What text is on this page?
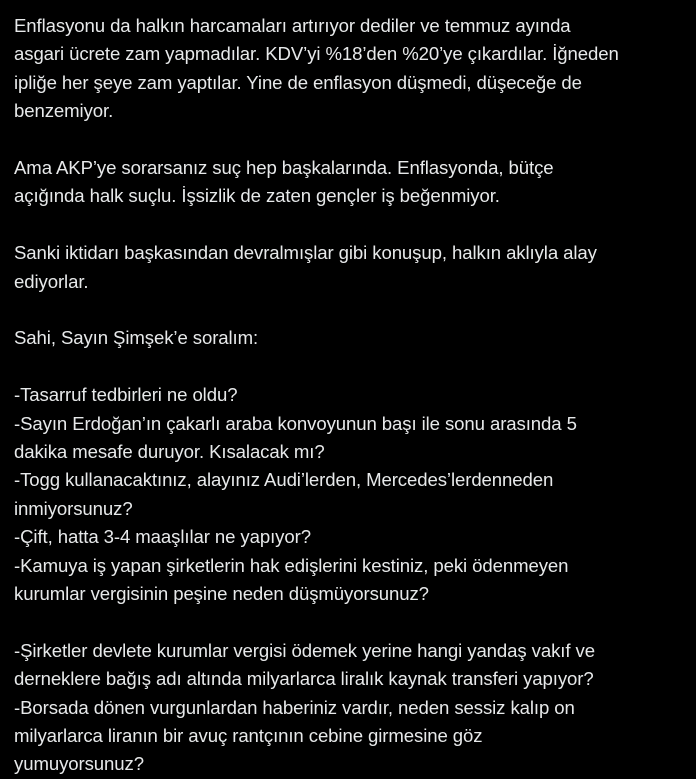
Enflasyonu da halkın harcamaları artırıyor dediler ve temmuz ayında
asgari ücrete zam yapmadılar. KDV’yi %18’den %20’ye çıkardılar. İğneden
ipliğe her şeye zam yaptılar. Yine de enflasyon düşmedi, düşeceğe de
benzemiyor.

Ama AKP’ye sorarsanız suç hep başkalarında. Enflasyonda, bütçe
açığında halk suçlu. İşsizlik de zaten gençler iş beğenmiyor.

Sanki iktidarı başkasından devralmışlar gibi konuşup, halkın aklıyla alay
ediyorlar.

Sahi, Sayın Şimşek’e soralım:

-Tasarruf tedbirleri ne oldu?
-Sayın Erdoğan’ın çakarlı araba konvoyunun başı ile sonu arasında 5
dakika mesafe duruyor. Kısalacak mı?
-Togg kullanacaktınız, alayınız Audi’lerden, Mercedes’lerdenneden
inmiyorsunuz?
-Çift, hatta 3-4 maaşlılar ne yapıyor?
-Kamuya iş yapan şirketlerin hak edişlerini kestiniz, peki ödenmeyen
kurumlar vergisinin peşine neden düşmüyorsunuz?

-Şirketler devlete kurumlar vergisi ödemek yerine hangi yandaş vakıf ve
derneklere bağış adı altında milyarlarca liralık kaynak transferi yapıyor?
-Borsada dönen vurgunlardan haberiniz vardır, neden sessiz kalıp on
milyarlarca liranın bir avuç rantçının cebine girmesine göz
yumuyorsunuz?
